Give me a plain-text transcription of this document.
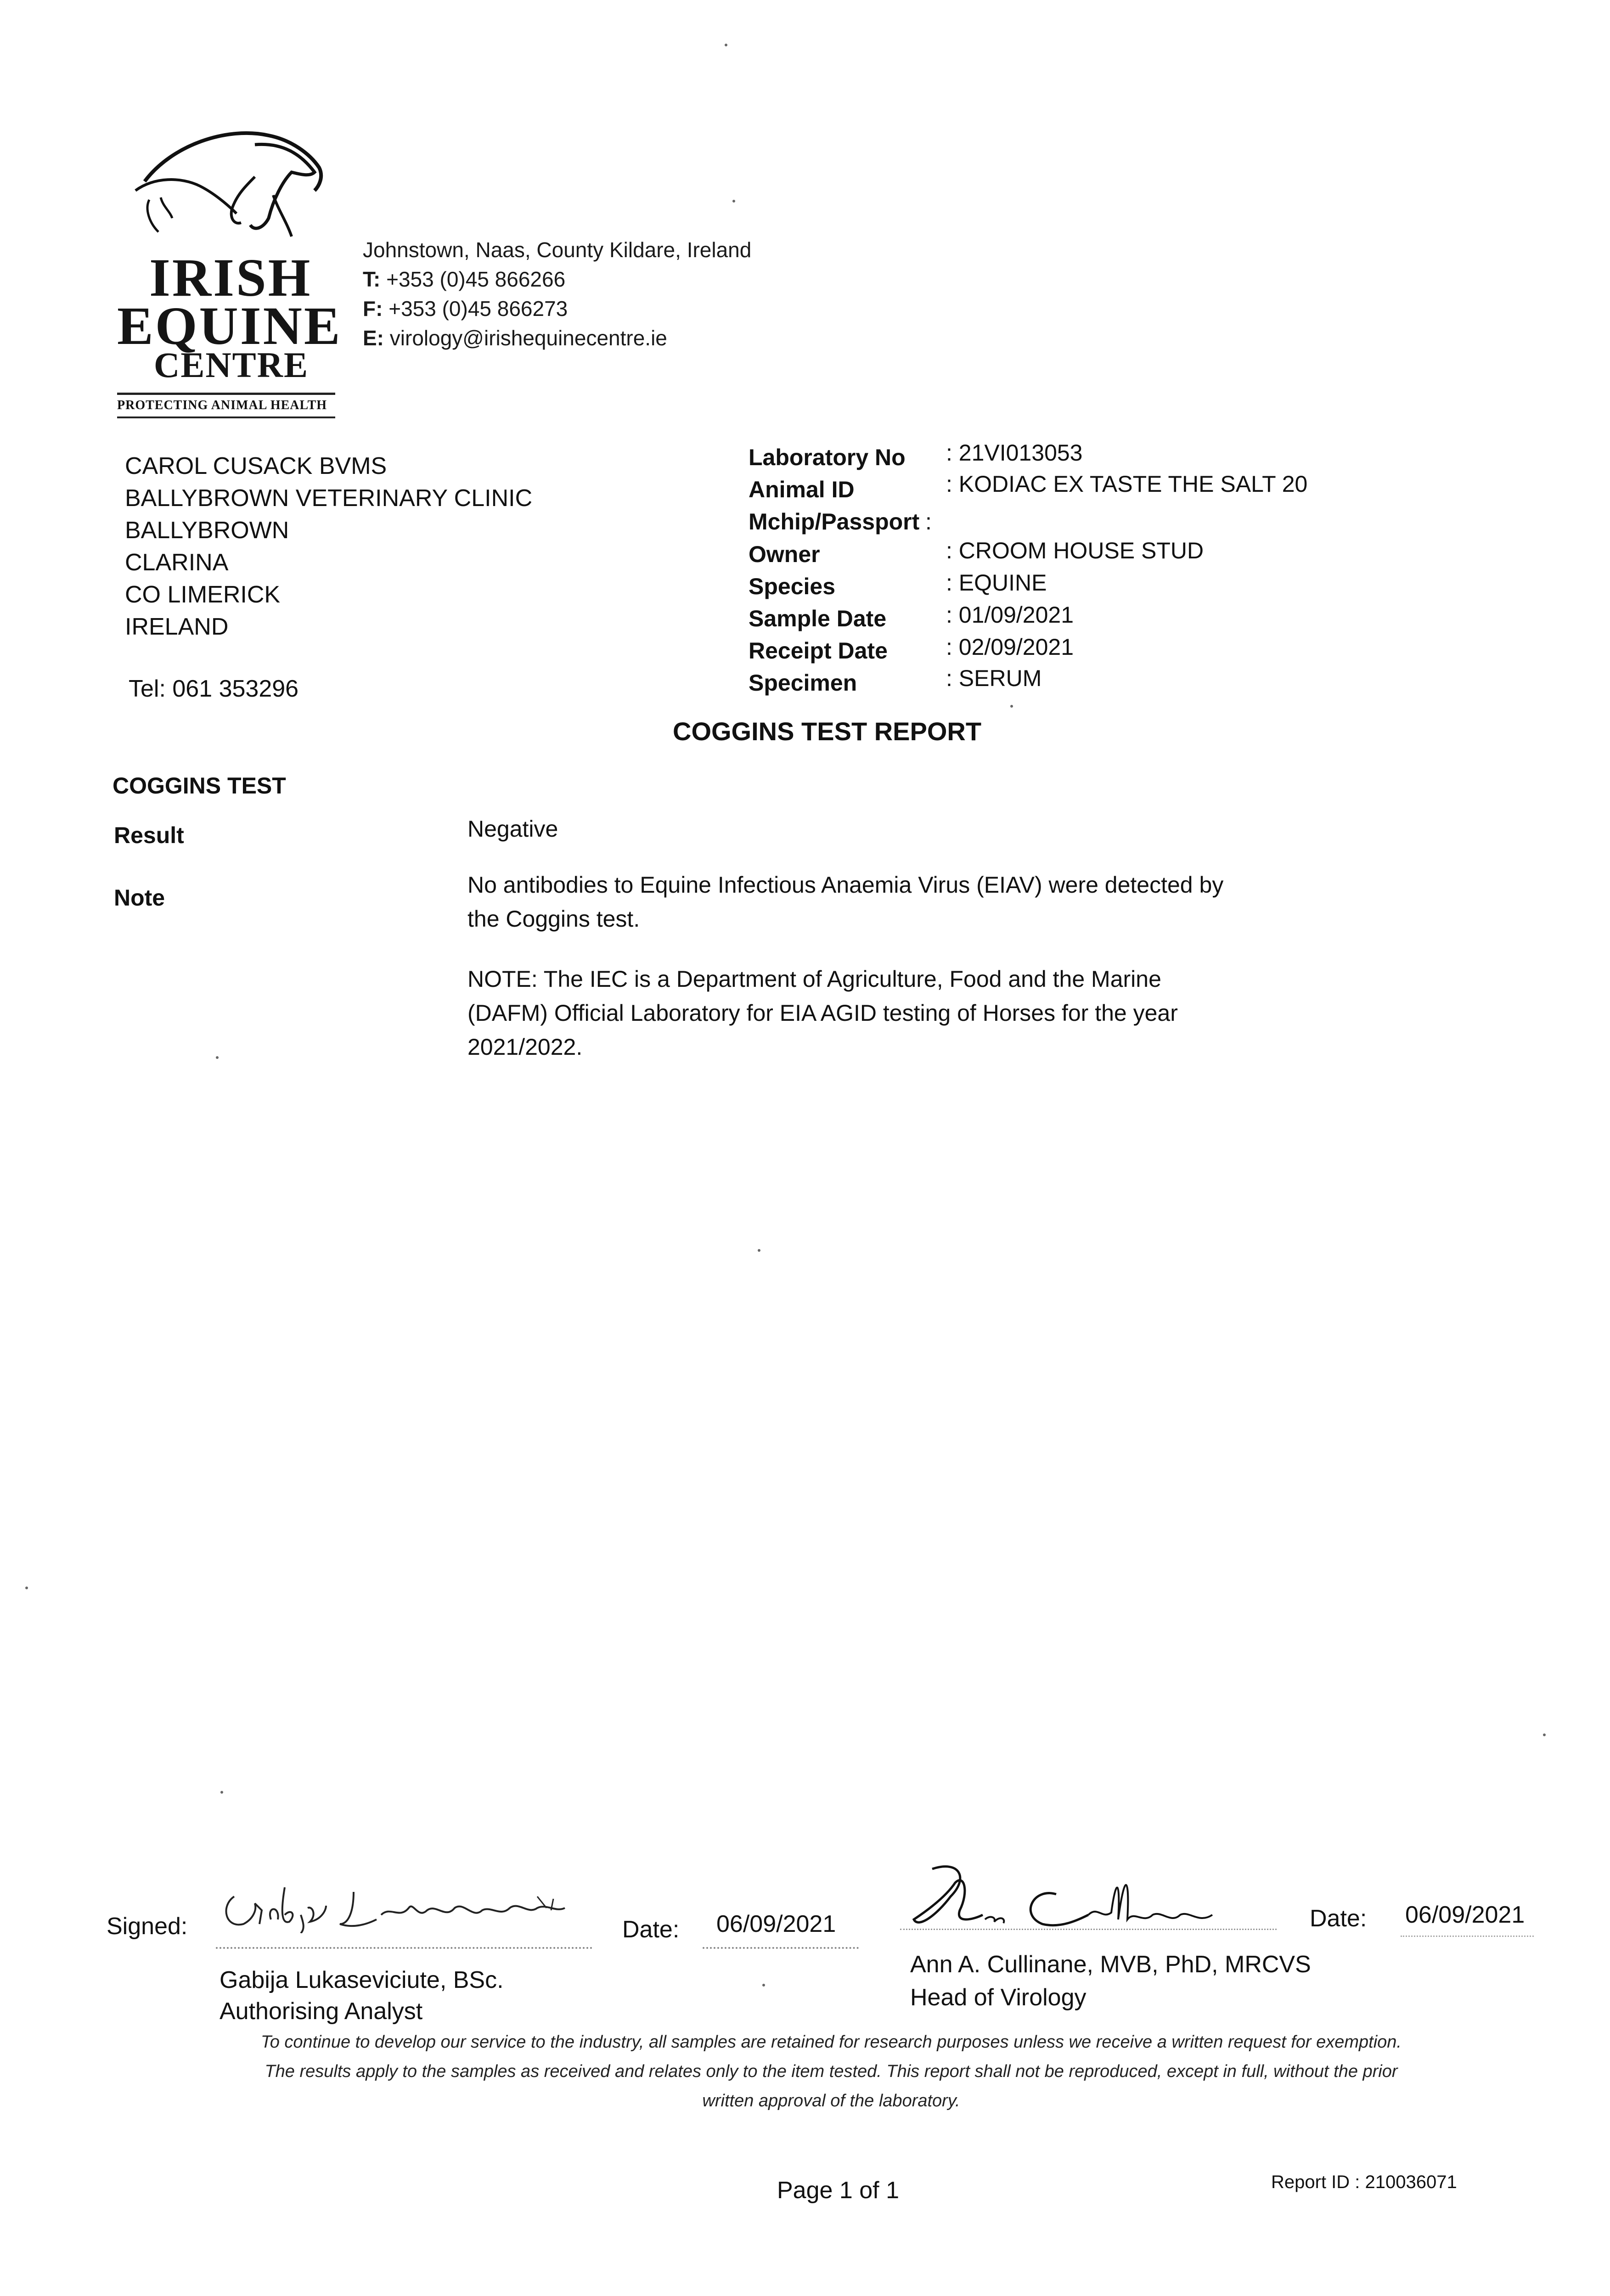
IRISH
EQUINE
CENTRE
PROTECTING ANIMAL HEALTH
Johnstown, Naas, County Kildare, Ireland
T: +353 (0)45 866266
F: +353 (0)45 866273
E: virology@irishequinecentre.ie
CAROL CUSACK BVMS
BALLYBROWN VETERINARY CLINIC
BALLYBROWN
CLARINA
CO LIMERICK
IRELAND
Tel: 061 353296
Laboratory No : 21VI013053
Animal ID	: KODIAC EX TASTE THE SALT 20
Mchip/Passport :
Owner	: CROOM HOUSE STUD
Species	: EQUINE
Sample Date	: 01/09/2021
Receipt Date	: 02/09/2021
Specimen	: SERUM
COGGINS TEST REPORT
COGGINS TEST
Result	Negative
Note	No antibodies to Equine Infectious Anaemia Virus (EIAV) were detected by
the Coggins test.
NOTE: The IEC is a Department of Agriculture, Food and the Marine
(DAFM) Official Laboratory for EIA AGID testing of Horses for the year
2021/2022.
Signed:	Date: 06/09/2021
Gabija Lukaseviciute, BSc.
Authorising Analyst
Date: 06/09/2021
Ann A. Cullinane, MVB, PhD, MRCVS
Head of Virology
To continue to develop our service to the industry, all samples are retained for research purposes unless we receive a written request for exemption.
The results apply to the samples as received and relates only to the item tested. This report shall not be reproduced, except in full, without the prior
written approval of the laboratory.
Page 1 of 1	Report ID : 210036071
